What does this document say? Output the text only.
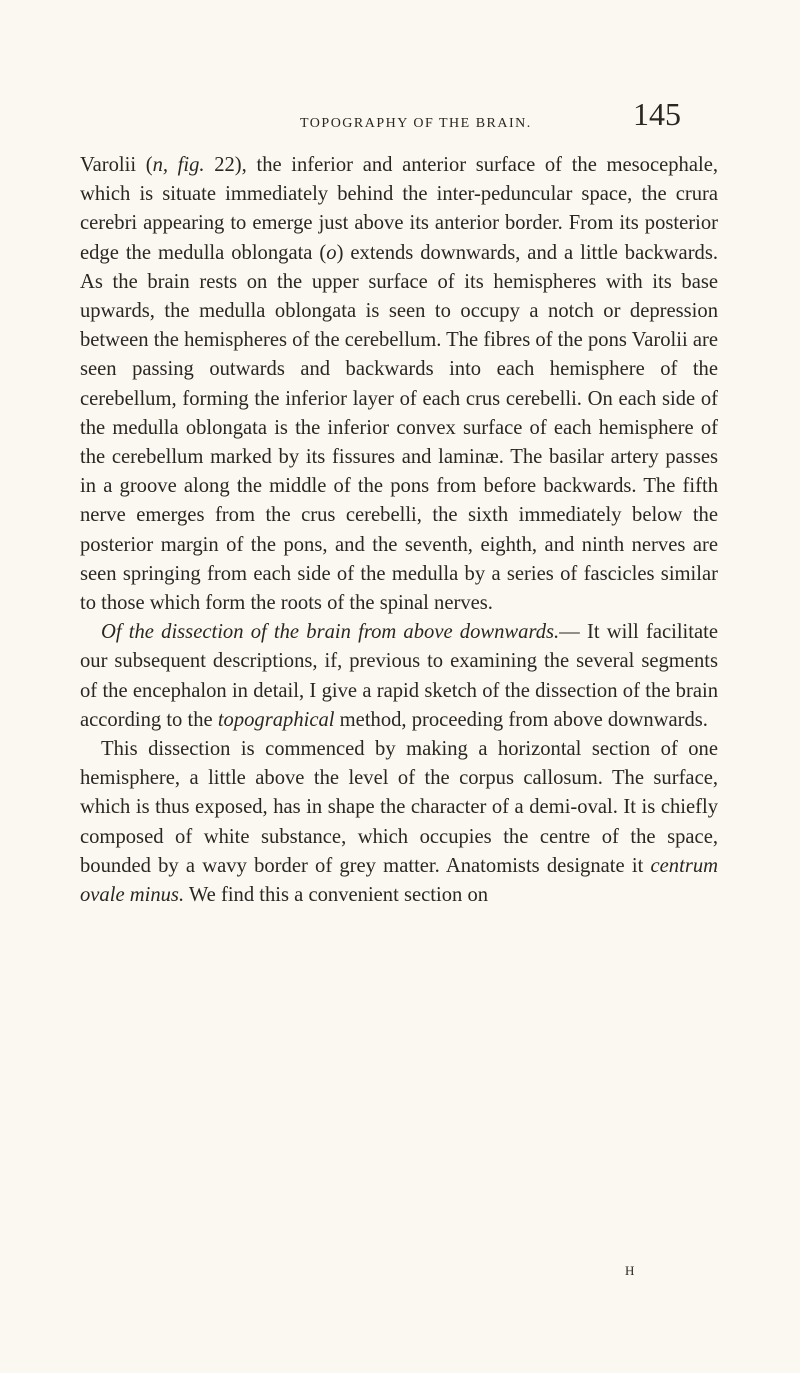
TOPOGRAPHY OF THE BRAIN.	145

Varolii (n, fig. 22), the inferior and anterior surface of the mesocephale, which is situate immediately behind the inter-peduncular space, the crura cerebri appearing to emerge just above its anterior border. From its posterior edge the medulla oblongata (o) extends downwards, and a little backwards. As the brain rests on the upper surface of its hemispheres with its base upwards, the medulla oblongata is seen to occupy a notch or depression between the hemispheres of the cerebellum. The fibres of the pons Varolii are seen passing outwards and backwards into each hemisphere of the cerebellum, forming the inferior layer of each crus cerebelli. On each side of the medulla oblongata is the inferior convex surface of each hemisphere of the cerebellum marked by its fissures and laminæ. The basilar artery passes in a groove along the middle of the pons from before backwards. The fifth nerve emerges from the crus cerebelli, the sixth immediately below the posterior margin of the pons, and the seventh, eighth, and ninth nerves are seen springing from each side of the medulla by a series of fascicles similar to those which form the roots of the spinal nerves.

Of the dissection of the brain from above downwards.— It will facilitate our subsequent descriptions, if, previous to examining the several segments of the encephalon in detail, I give a rapid sketch of the dissection of the brain according to the topographical method, proceeding from above downwards.

This dissection is commenced by making a horizontal section of one hemisphere, a little above the level of the corpus callosum. The surface, which is thus exposed, has in shape the character of a demi-oval. It is chiefly composed of white substance, which occupies the centre of the space, bounded by a wavy border of grey matter. Anatomists designate it centrum ovale minus. We find this a convenient section on

H
